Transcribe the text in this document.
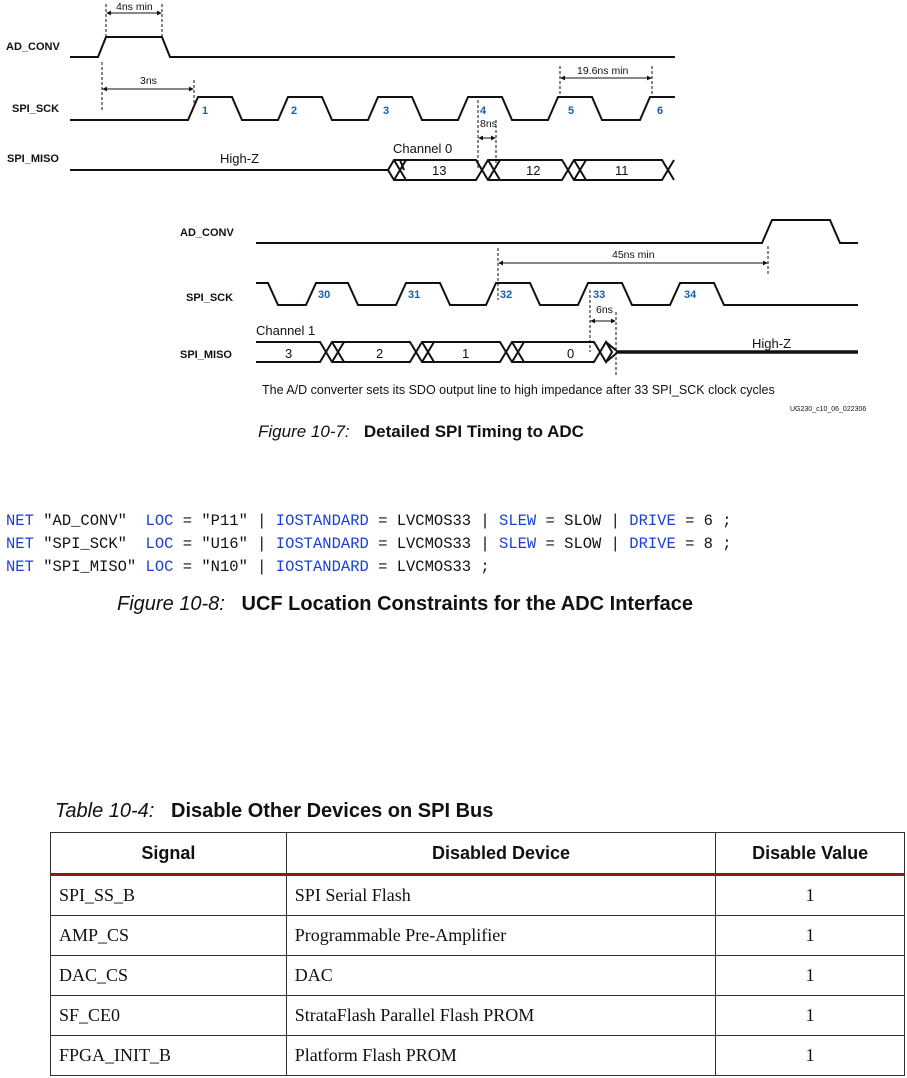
AD_CONV
SPI_SCK
SPI_MISO
4ns min
3ns
19.6ns min
8ns
1	2	3	4	5	6
High-Z
Channel 0
13	12	11
AD_CONV
SPI_SCK
SPI_MISO
45ns min
6ns
30	31	32	33	34
Channel 1
3	2	1	0
High-Z
The A/D converter sets its SDO output line to high impedance after 33 SPI_SCK clock cycles
UG230_c10_06_022306
Figure 10-7: Detailed SPI Timing to ADC
NET "AD_CONV"  LOC = "P11" | IOSTANDARD = LVCMOS33 | SLEW = SLOW | DRIVE = 6 ;
NET "SPI_SCK"  LOC = "U16" | IOSTANDARD = LVCMOS33 | SLEW = SLOW | DRIVE = 8 ;
NET "SPI_MISO" LOC = "N10" | IOSTANDARD = LVCMOS33 ;
Figure 10-8: UCF Location Constraints for the ADC Interface
Table 10-4: Disable Other Devices on SPI Bus
Signal	Disabled Device	Disable Value
SPI_SS_B	SPI Serial Flash	1
AMP_CS	Programmable Pre-Amplifier	1
DAC_CS	DAC	1
SF_CE0	StrataFlash Parallel Flash PROM	1
FPGA_INIT_B	Platform Flash PROM	1
